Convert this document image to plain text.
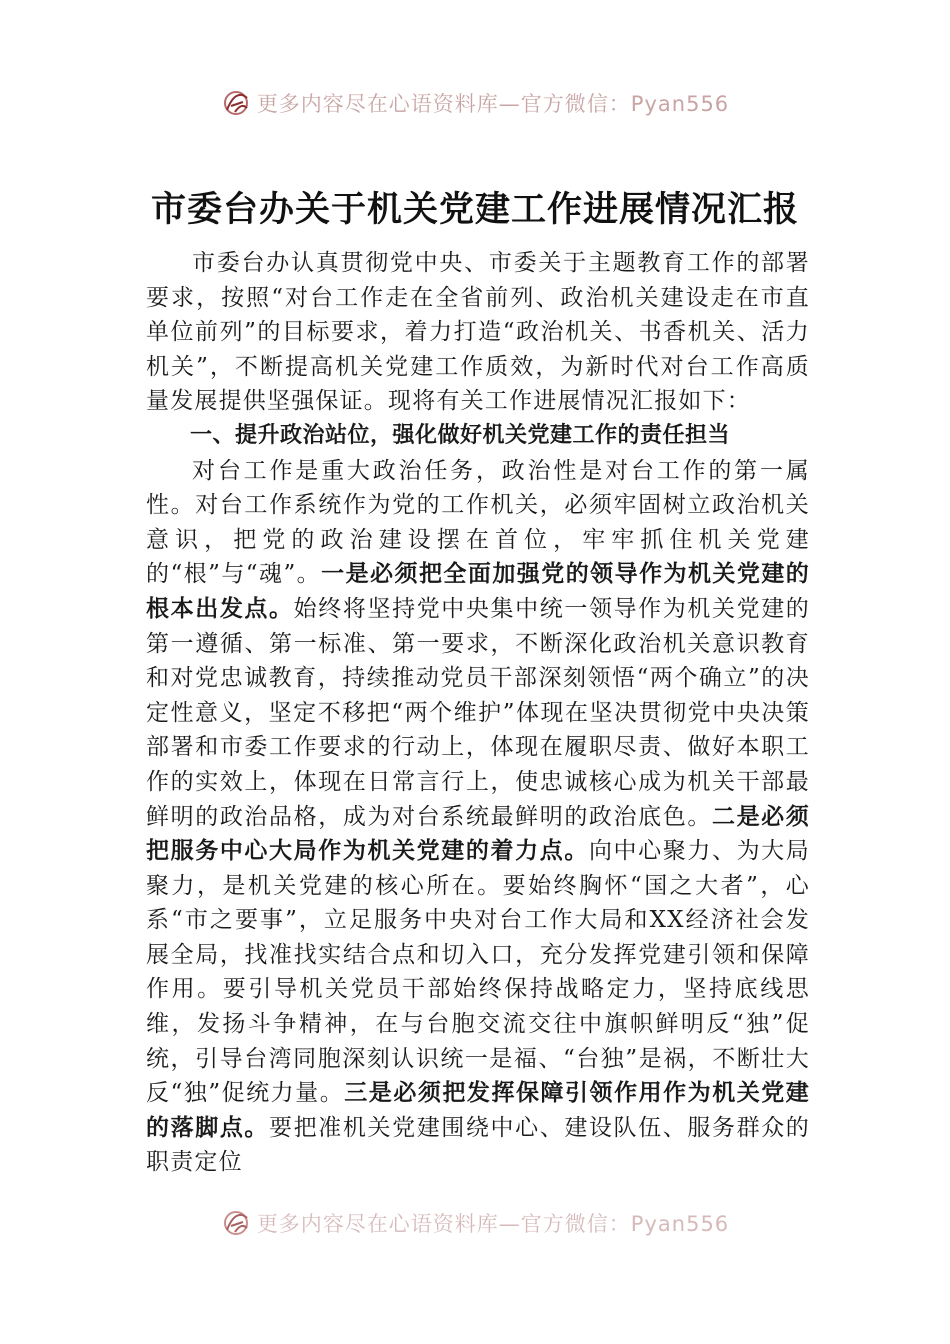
更多内容尽在心语资料库—官方微信：Pyan556
市委台办关于机关党建工作进展情况汇报

市委台办认真贯彻党中央、市委关于主题教育工作的部署要求，按照“对台工作走在全省前列、政治机关建设走在市直单位前列”的目标要求，着力打造“政治机关、书香机关、活力机关”，不断提高机关党建工作质效，为新时代对台工作高质量发展提供坚强保证。现将有关工作进展情况汇报如下：

一、提升政治站位，强化做好机关党建工作的责任担当

对台工作是重大政治任务，政治性是对台工作的第一属性。对台工作系统作为党的工作机关，必须牢固树立政治机关意识，把党的政治建设摆在首位，牢牢抓住机关党建的“根”与“魂”。一是必须把全面加强党的领导作为机关党建的根本出发点。始终将坚持党中央集中统一领导作为机关党建的第一遵循、第一标准、第一要求，不断深化政治机关意识教育和对党忠诚教育，持续推动党员干部深刻领悟“两个确立”的决定性意义，坚定不移把“两个维护”体现在坚决贯彻党中央决策部署和市委工作要求的行动上，体现在履职尽责、做好本职工作的实效上，体现在日常言行上，使忠诚核心成为机关干部最鲜明的政治品格，成为对台系统最鲜明的政治底色。二是必须把服务中心大局作为机关党建的着力点。向中心聚力、为大局聚力，是机关党建的核心所在。要始终胸怀“国之大者”，心系“市之要事”，立足服务中央对台工作大局和XX经济社会发展全局，找准找实结合点和切入口，充分发挥党建引领和保障作用。要引导机关党员干部始终保持战略定力，坚持底线思维，发扬斗争精神，在与台胞交流交往中旗帜鲜明反“独”促统，引导台湾同胞深刻认识统一是福、“台独”是祸，不断壮大反“独”促统力量。三是必须把发挥保障引领作用作为机关党建的落脚点。要把准机关党建围绕中心、建设队伍、服务群众的职责定位

更多内容尽在心语资料库—官方微信：Pyan556
